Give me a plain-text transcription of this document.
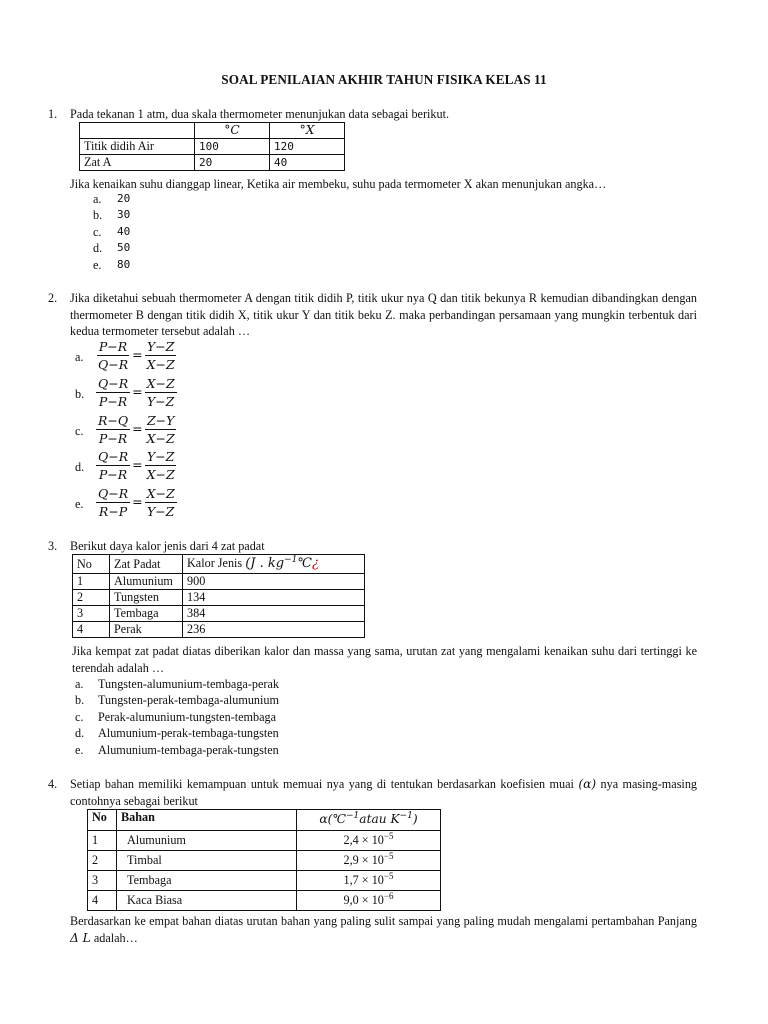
SOAL PENILAIAN AKHIR TAHUN FISIKA KELAS 11
1. Pada tekanan 1 atm, dua skala thermometer menunjukan data sebagai berikut.
	°C	°X
Titik didih Air	100	120
Zat A	20	40
Jika kenaikan suhu dianggap linear, Ketika air membeku, suhu pada termometer X akan menunjukan angka…
a.	20
b.	30
c.	40
d.	50
e.	80
2. Jika diketahui sebuah thermometer A dengan titik didih P, titik ukur nya Q dan titik bekunya R kemudian dibandingkan dengan thermometer B dengan titik didih X, titik ukur Y dan titik beku Z. maka perbandingan persamaan yang mungkin terbentuk dari kedua termometer tersebut adalah …
a.	$\frac{P-R}{Q-R} = \frac{Y-Z}{X-Z}$
b. $\frac{Q-R}{P-R} = \frac{X-Z}{Y-Z}$
c.	$\frac{R-Q}{P-R} = \frac{Z-Y}{X-Z}$
d. $\frac{Q-R}{P-R} = \frac{Y-Z}{X-Z}$
e.	$\frac{Q-R}{R-P} = \frac{X-Z}{Y-Z}$
3. Berikut daya kalor jenis dari 4 zat padat
No	Zat Padat	Kalor Jenis (J . $kg^{-1}℃¿$
1	Alumunium	900
2	Tungsten	134
3	Tembaga	384
4	Perak	236
Jika kempat zat padat diatas diberikan kalor dan massa yang sama, urutan zat yang mengalami kenaikan suhu dari tertinggi ke terendah adalah …
a.	Tungsten-alumunium-tembaga-perak
b.	Tungsten-perak-tembaga-alumunium
c.	Perak-alumunium-tungsten-tembaga
d.	Alumunium-perak-tembaga-tungsten
e.	Alumunium-tembaga-perak-tungsten
4. Setiap bahan memiliki kemampuan untuk memuai nya yang di tentukan berdasarkan koefisien muai (α) nya masing-masing contohnya sebagai berikut
No	Bahan	α(℃$^{-1}$atau $K^{-1}$)
1	Alumunium	$2,4 \times 10^{-5}$
2	Timbal	$2,9 \times 10^{-5}$
3	Tembaga	$1,7 \times 10^{-5}$
4	Kaca Biasa	$9,0 \times 10^{-6}$
Berdasarkan ke empat bahan diatas urutan bahan yang paling sulit sampai yang paling mudah mengalami pertambahan Panjang Δ L adalah…
